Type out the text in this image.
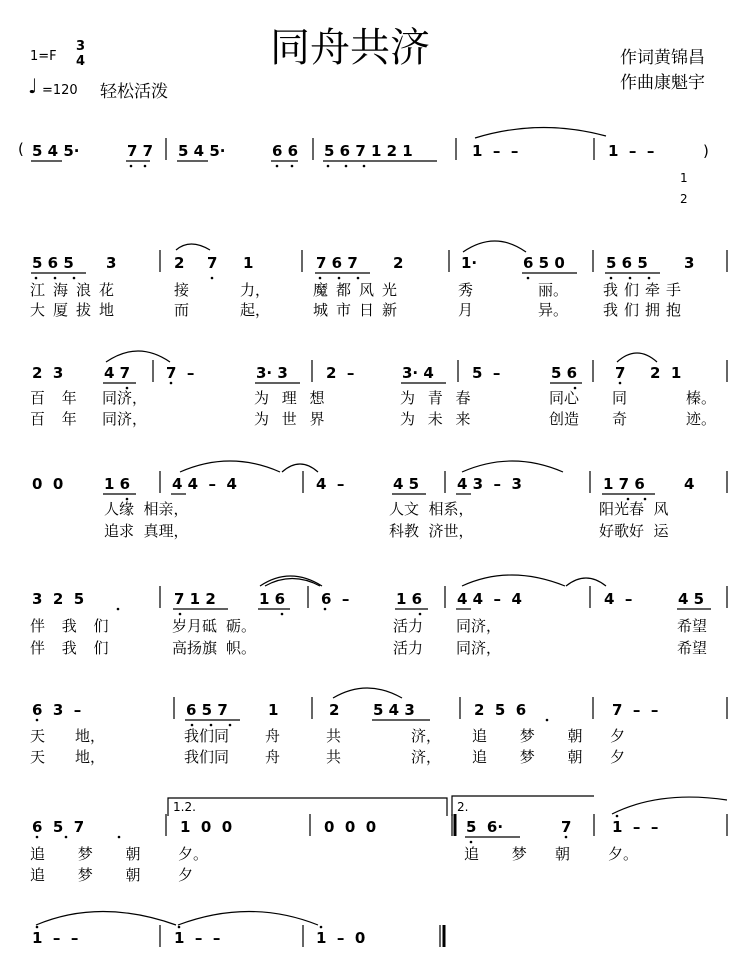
同舟共济
1=F
3
4
♩ =120 轻松活泼
作词黄锦昌
作曲康魁宇
( 5 4 5·	7 7 5 4 5·	6 6 5 6 7 1 2 1	1  –  –	1  –  –	)
1
2
5 6 5 3	2 7 1	7 6 7 2	1·	6 5 0	5 6 5 3
江海浪花	接	力，	魔都风光	秀	丽。 我们牵手
大厦拔地	而	起，	城市日新	月	异。 我们拥抱
2  3	4 7 7  –	3· 3	2  –	3· 4	5  –	5 6	7 2  1
百 年 同济，	为 理 想	为 青 春	同心 同	榛。
百 年 同济，	为 世 界	为 未 来	创造 奇	迹。
0  0	1 6	4 4  –  4	4  –	4 5	4 3  –  3	1 7 6	4
人缘  相亲，	人文  相系，	阳光春  风
追求  真理，	科教  济世，	好歌好  运
3  2  5	7 1 2	1 6 6  –	1 6 4 4  –  4	4  –	4 5
伴 我 们	岁月砥 砺。	活力 同济，	希望
伴 我 们	高扬旗 帜。	活力 同济，	希望
6  3  –	6 5 7	1	2 5 4 3	2  5  6	7  –  –
天 地，	我们同 舟	共	济， 追 梦 朝 夕
天 地，	我们同 舟	共	济， 追 梦 朝 夕
1.2.	2.
6  5  7	1  0  0	0  0  0	5  6·	7	1  –  –
追 梦 朝 夕。	追 梦 朝	夕。
追 梦 朝 夕
1  –  –	1  –  –	1  –  0
